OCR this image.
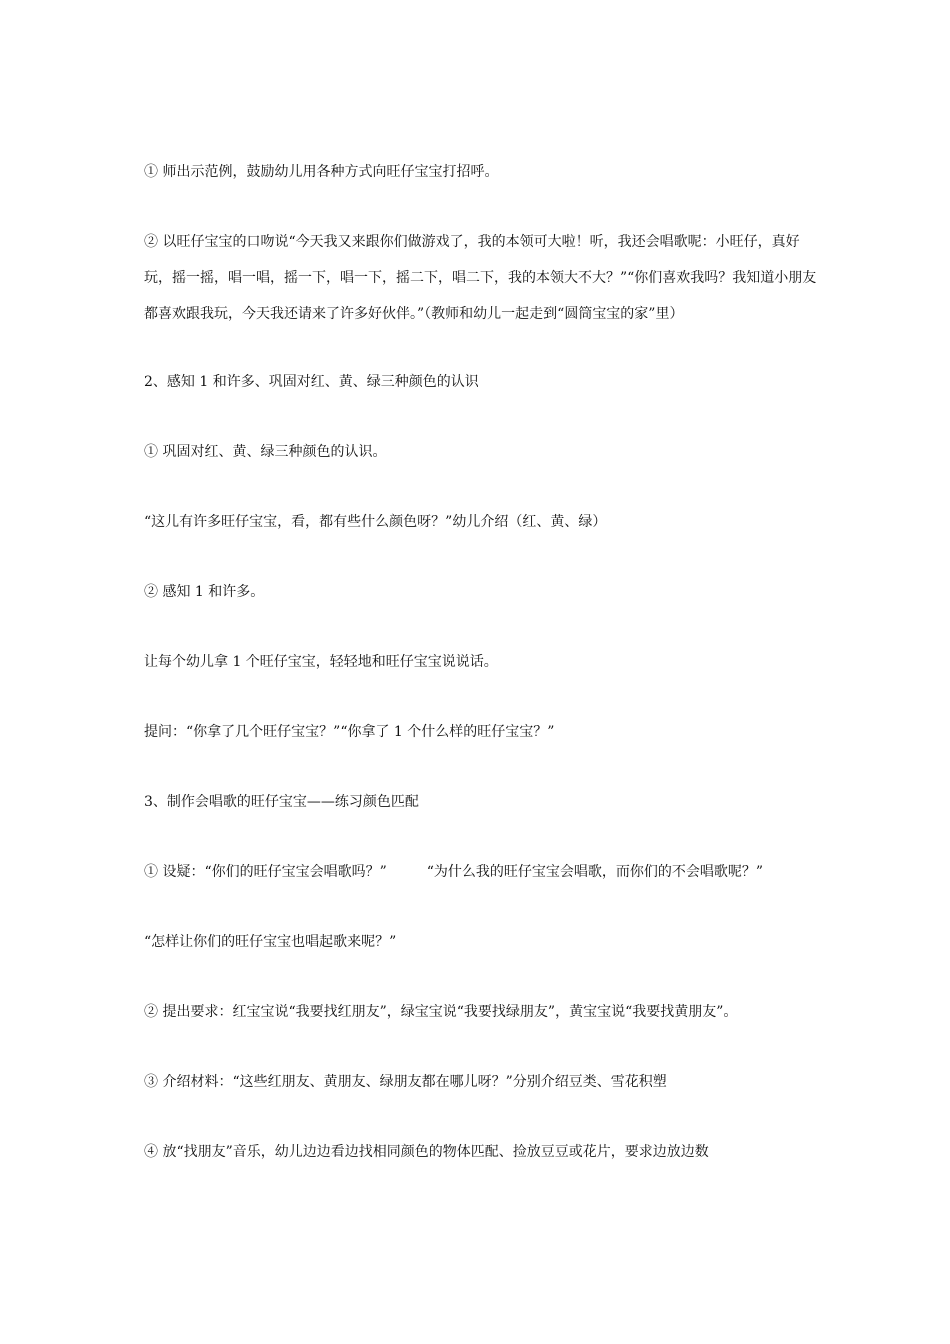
① 师出示范例，鼓励幼儿用各种方式向旺仔宝宝打招呼。

② 以旺仔宝宝的口吻说“今天我又来跟你们做游戏了，我的本领可大啦！听，我还会唱歌呢：小旺仔，真好
玩，摇一摇，唱一唱，摇一下，唱一下，摇二下，唱二下，我的本领大不大？”“你们喜欢我吗？我知道小朋友
都喜欢跟我玩，今天我还请来了许多好伙伴。”（教师和幼儿一起走到“圆筒宝宝的家”里）

2、感知 1 和许多、巩固对红、黄、绿三种颜色的认识

① 巩固对红、黄、绿三种颜色的认识。

“这儿有许多旺仔宝宝，看，都有些什么颜色呀？”幼儿介绍（红、黄、绿）

② 感知 1 和许多。

让每个幼儿拿 1 个旺仔宝宝，轻轻地和旺仔宝宝说说话。

提问：“你拿了几个旺仔宝宝？”“你拿了 1 个什么样的旺仔宝宝？”

3、制作会唱歌的旺仔宝宝——练习颜色匹配

① 设疑：“你们的旺仔宝宝会唱歌吗？”	“为什么我的旺仔宝宝会唱歌，而你们的不会唱歌呢？”

“怎样让你们的旺仔宝宝也唱起歌来呢？”

② 提出要求：红宝宝说“我要找红朋友”，绿宝宝说“我要找绿朋友”，黄宝宝说“我要找黄朋友”。

③ 介绍材料：“这些红朋友、黄朋友、绿朋友都在哪儿呀？”分别介绍豆类、雪花积塑

④ 放“找朋友”音乐，幼儿边边看边找相同颜色的物体匹配、捡放豆豆或花片，要求边放边数
